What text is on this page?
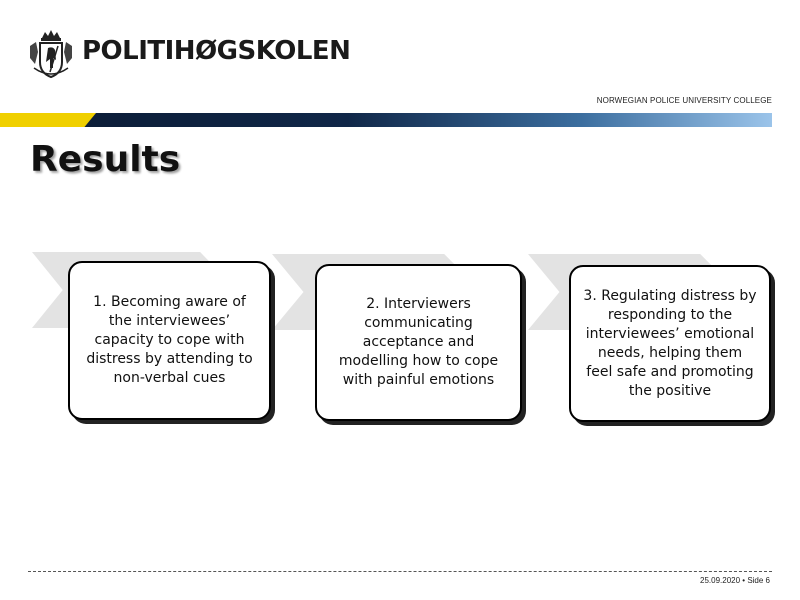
POLITIHØGSKOLEN
NORWEGIAN POLICE UNIVERSITY COLLEGE
Results
1. Becoming aware of the interviewees’ capacity to cope with distress by attending to non-verbal cues
2. Interviewers communicating acceptance and modelling how to cope with painful emotions
3. Regulating distress by responding to the interviewees’ emotional needs, helping them feel safe and promoting the positive
25.09.2020 • Side 6
